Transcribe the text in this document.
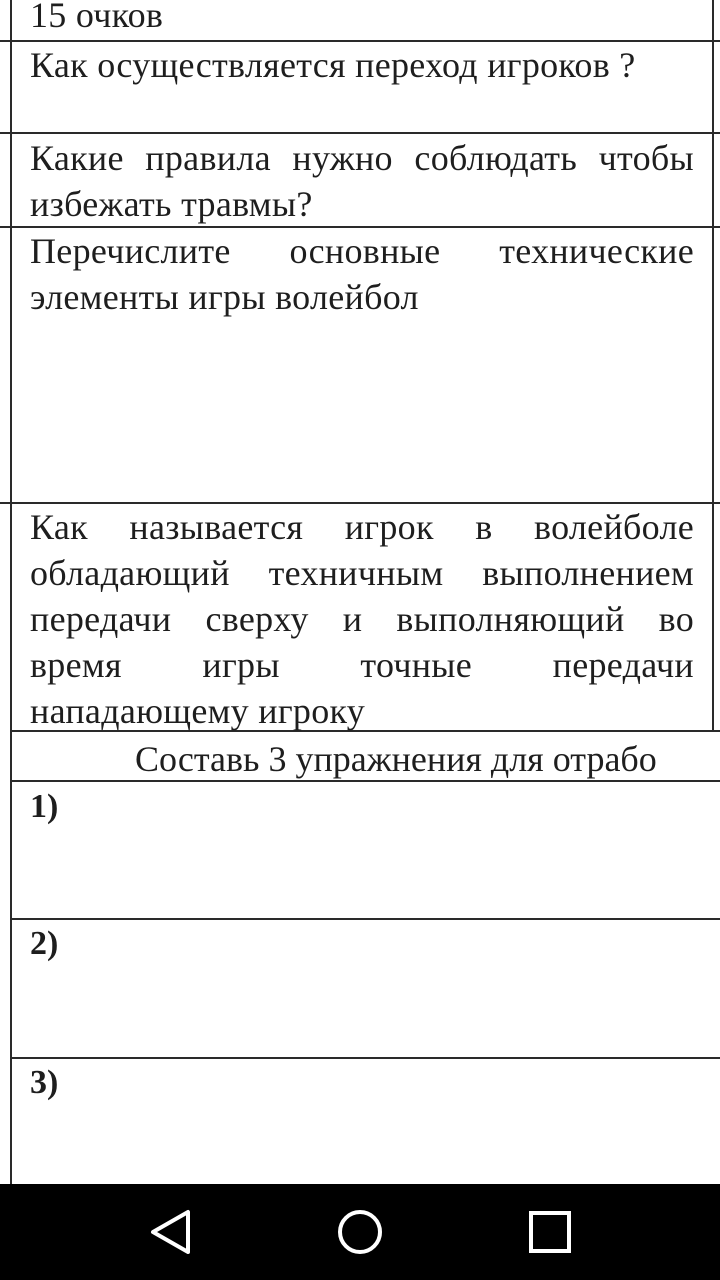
15 очков
Как осуществляется переход игроков ?
Какие правила нужно соблюдать чтобы избежать травмы?
Перечислите основные технические элементы игры волейбол
Как называется игрок в волейболе обладающий техничным выполнением передачи сверху и выполняющий во время игры точные передачи нападающему игроку
Составь 3 упражнения для отрабо
1)
2)
3)
